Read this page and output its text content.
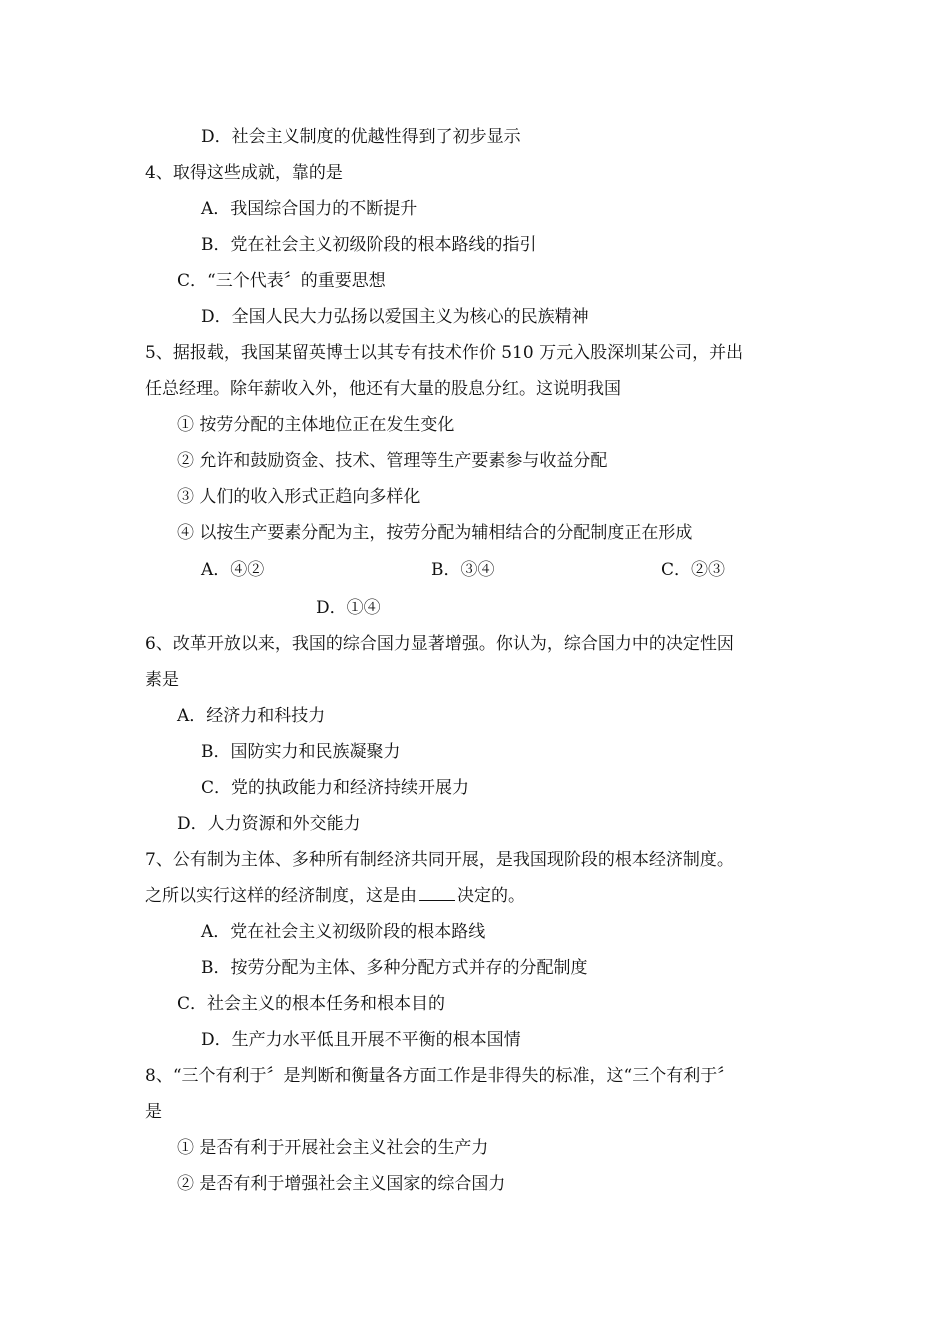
D．社会主义制度的优越性得到了初步显示
4、取得这些成就，靠的是
A．我国综合国力的不断提升
B．党在社会主义初级阶段的根本路线的指引
C．“三个代表〞的重要思想
D．全国人民大力弘扬以爱国主义为核心的民族精神
5、据报载，我国某留英博士以其专有技术作价 510 万元入股深圳某公司，并出
任总经理。除年薪收入外，他还有大量的股息分红。这说明我国
① 按劳分配的主体地位正在发生变化
② 允许和鼓励资金、技术、管理等生产要素参与收益分配
③ 人们的收入形式正趋向多样化
④ 以按生产要素分配为主，按劳分配为辅相结合的分配制度正在形成
A．④②	B．③④	C．②③
D．①④
6、改革开放以来，我国的综合国力显著增强。你认为，综合国力中的决定性因
素是
A．经济力和科技力
B．国防实力和民族凝聚力
C．党的执政能力和经济持续开展力
D．人力资源和外交能力
7、公有制为主体、多种所有制经济共同开展，是我国现阶段的根本经济制度。
之所以实行这样的经济制度，这是由 决定的。
A．党在社会主义初级阶段的根本路线
B．按劳分配为主体、多种分配方式并存的分配制度
C．社会主义的根本任务和根本目的
D．生产力水平低且开展不平衡的根本国情
8、“三个有利于〞是判断和衡量各方面工作是非得失的标准，这“三个有利于〞
是
① 是否有利于开展社会主义社会的生产力
② 是否有利于增强社会主义国家的综合国力
